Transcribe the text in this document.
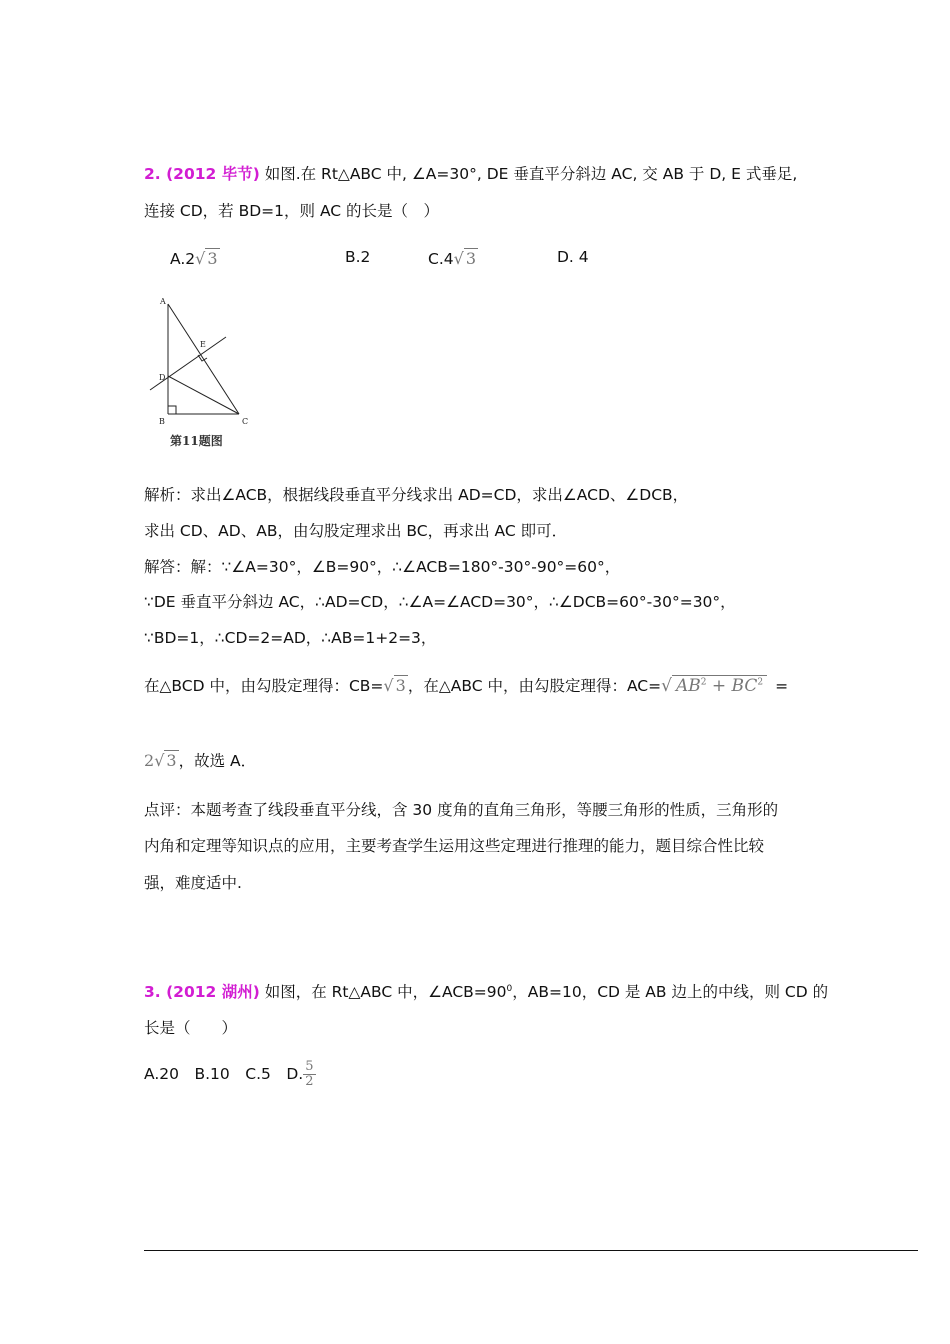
2. (2012 毕节) 如图.在 Rt△ABC 中, ∠A=30°, DE 垂直平分斜边 AC, 交 AB 于 D, E 式垂足,
连接 CD，若 BD=1，则 AC 的长是（　）
A.2√ 3	B.2	C.4√ 3	D. 4
A
E
D
B	C
第11题图
解析：求出∠ACB，根据线段垂直平分线求出 AD=CD，求出∠ACD、∠DCB，
求出 CD、AD、AB，由勾股定理求出 BC，再求出 AC 即可．
解答：解：∵∠A=30°，∠B=90°，∴∠ACB=180°-30°-90°=60°，
∵DE 垂直平分斜边 AC，∴AD=CD，∴∠A=∠ACD=30°，∴∠DCB=60°-30°=30°，
∵BD=1，∴CD=2=AD，∴AB=1+2=3，
在△BCD 中，由勾股定理得：CB=√ 3 ，在△ABC 中，由勾股定理得：AC=√ $AB^2 + BC^2$ =
2√ 3 ，故选 A．
点评：本题考查了线段垂直平分线，含 30 度角的直角三角形，等腰三角形的性质，三角形的
内角和定理等知识点的应用，主要考查学生运用这些定理进行推理的能力，题目综合性比较
强，难度适中.
3. (2012 湖州) 如图，在 Rt△ABC 中，$\angle ACB=90^0$，AB=10，CD 是 AB 边上的中线，则 CD 的
长是（　　）
A.20　B.10　C.5　D. $\frac{5}{2}$
